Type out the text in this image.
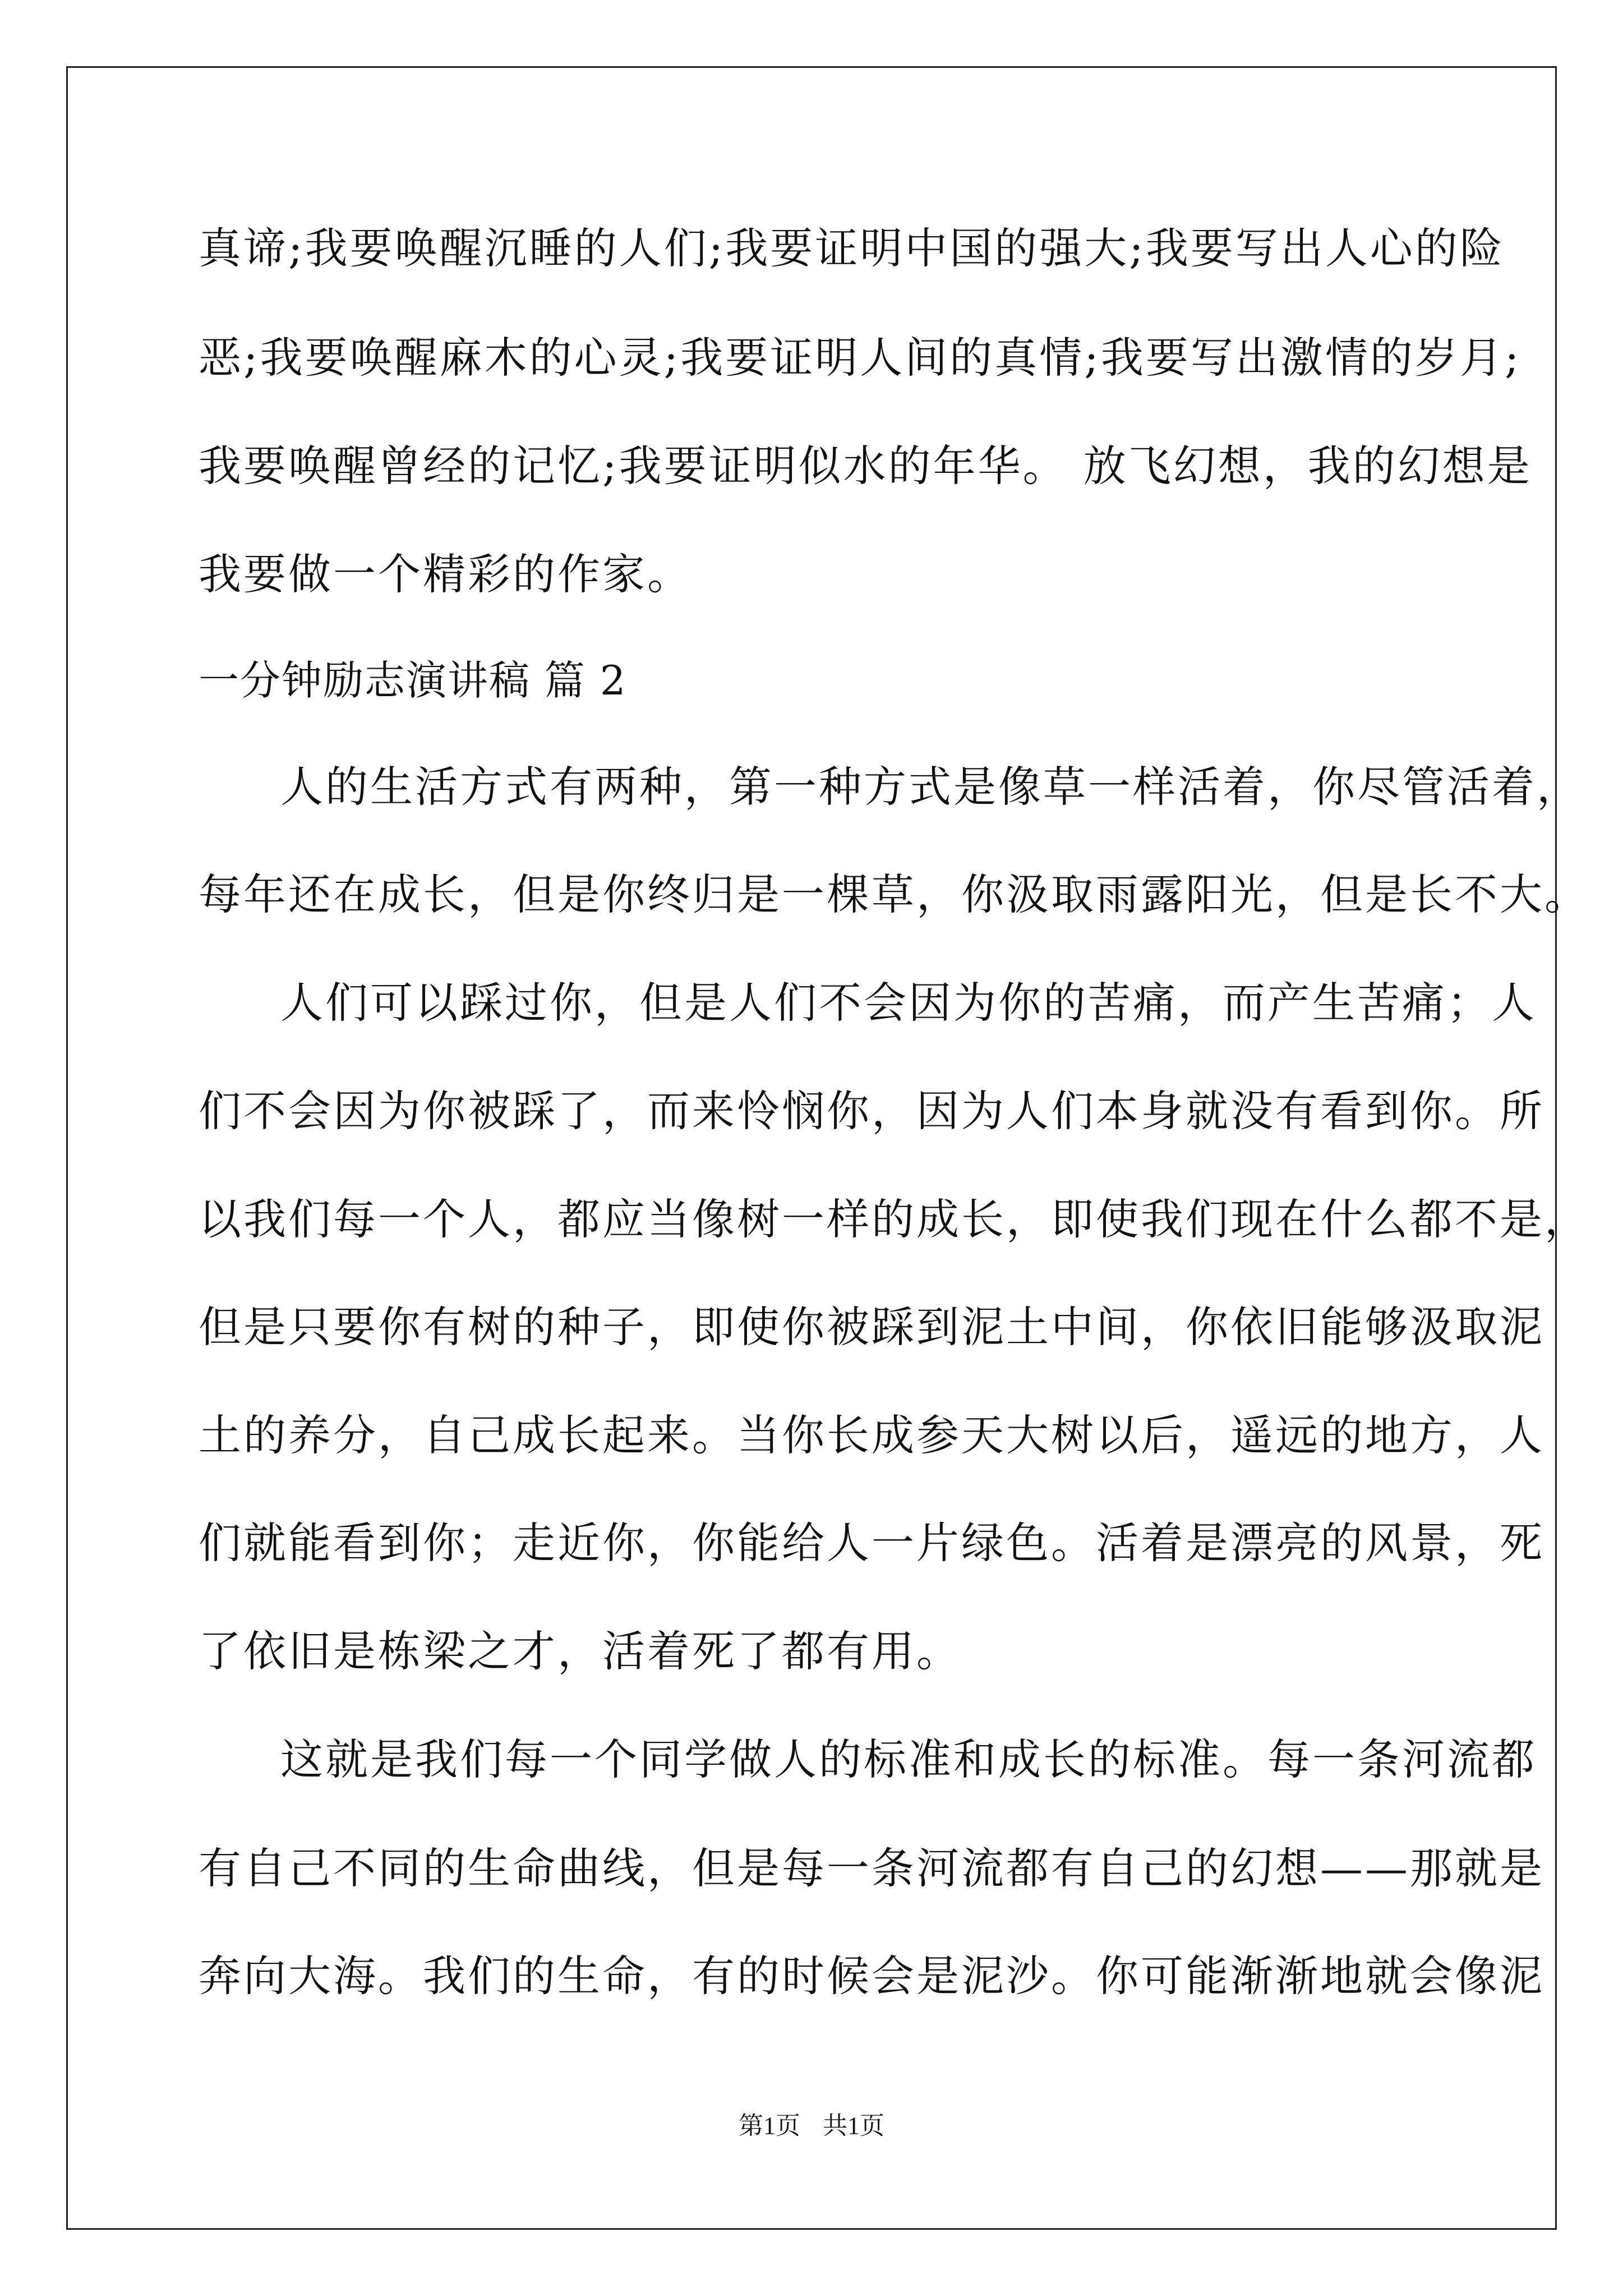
真谛;我要唤醒沉睡的人们;我要证明中国的强大;我要写出人心的险
恶;我要唤醒麻木的心灵;我要证明人间的真情;我要写出激情的岁月;
我要唤醒曾经的记忆;我要证明似水的年华。 放飞幻想，我的幻想是
我要做一个精彩的作家。
一分钟励志演讲稿 篇 2
人的生活方式有两种，第一种方式是像草一样活着，你尽管活着，
每年还在成长，但是你终归是一棵草，你汲取雨露阳光，但是长不大。
人们可以踩过你，但是人们不会因为你的苦痛，而产生苦痛；人
们不会因为你被踩了，而来怜悯你，因为人们本身就没有看到你。所
以我们每一个人，都应当像树一样的成长，即使我们现在什么都不是，
但是只要你有树的种子，即使你被踩到泥土中间，你依旧能够汲取泥
土的养分，自己成长起来。当你长成参天大树以后，遥远的地方，人
们就能看到你；走近你，你能给人一片绿色。活着是漂亮的风景，死
了依旧是栋梁之才，活着死了都有用。
这就是我们每一个同学做人的标准和成长的标准。每一条河流都
有自己不同的生命曲线，但是每一条河流都有自己的幻想——那就是
奔向大海。我们的生命，有的时候会是泥沙。你可能渐渐地就会像泥
第1页 共1页
